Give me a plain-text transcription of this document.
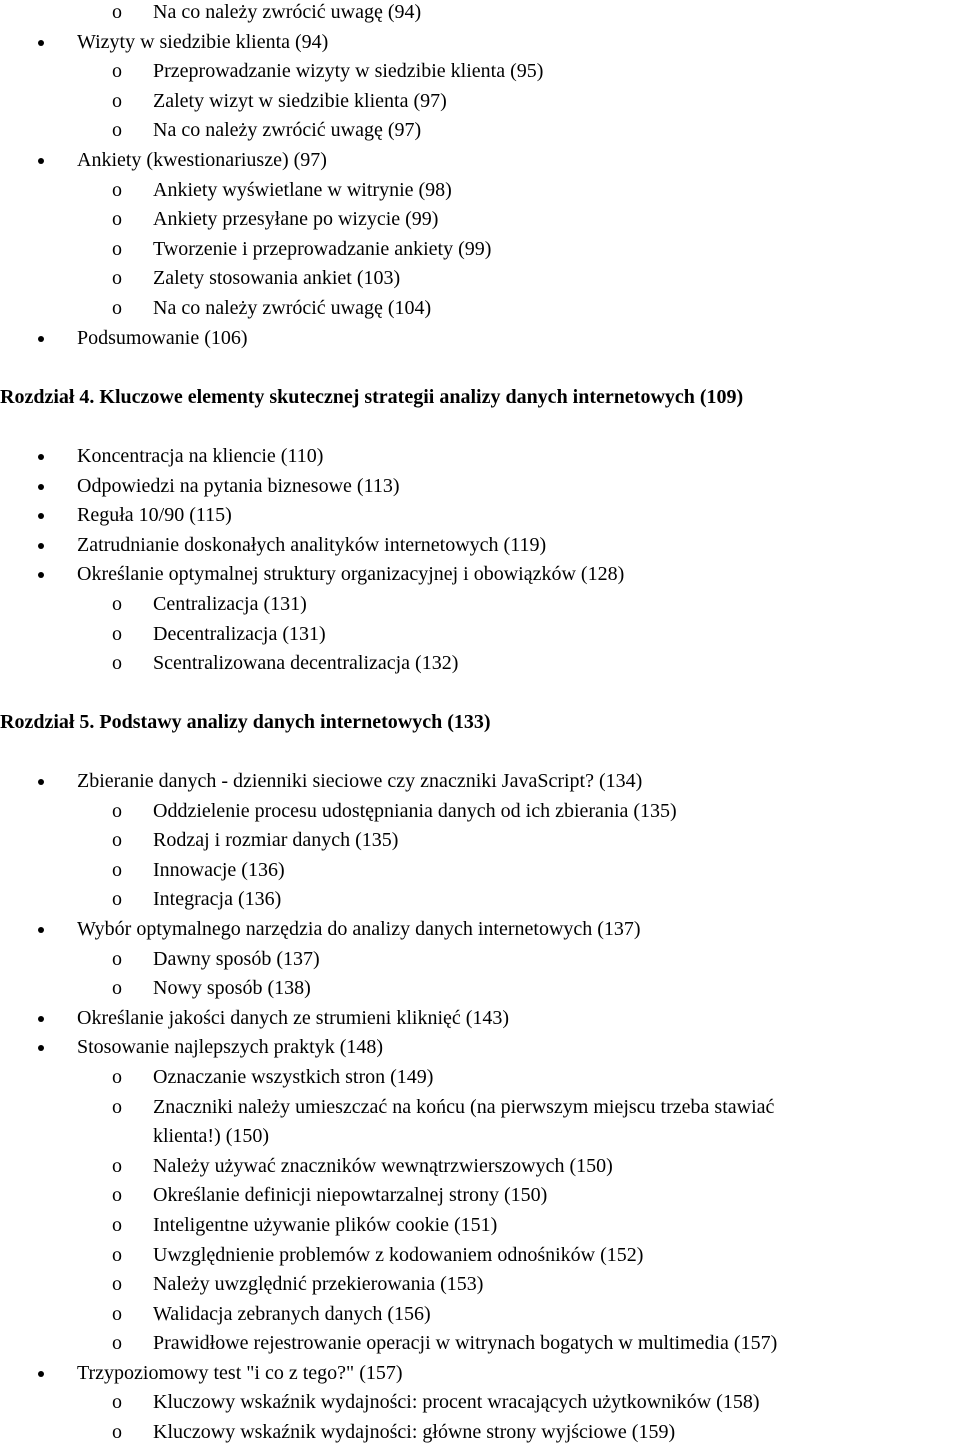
o Na co należy zwrócić uwagę (94)
Wizyty w siedzibie klienta (94)
o Przeprowadzanie wizyty w siedzibie klienta (95)
o Zalety wizyt w siedzibie klienta (97)
o Na co należy zwrócić uwagę (97)
Ankiety (kwestionariusze) (97)
o Ankiety wyświetlane w witrynie (98)
o Ankiety przesyłane po wizycie (99)
o Tworzenie i przeprowadzanie ankiety (99)
o Zalety stosowania ankiet (103)
o Na co należy zwrócić uwagę (104)
Podsumowanie (106)
Rozdział 4. Kluczowe elementy skutecznej strategii analizy danych internetowych (109)
Koncentracja na kliencie (110)
Odpowiedzi na pytania biznesowe (113)
Reguła 10/90 (115)
Zatrudnianie doskonałych analityków internetowych (119)
Określanie optymalnej struktury organizacyjnej i obowiązków (128)
o Centralizacja (131)
o Decentralizacja (131)
o Scentralizowana decentralizacja (132)
Rozdział 5. Podstawy analizy danych internetowych (133)
Zbieranie danych - dzienniki sieciowe czy znaczniki JavaScript? (134)
o Oddzielenie procesu udostępniania danych od ich zbierania (135)
o Rodzaj i rozmiar danych (135)
o Innowacje (136)
o Integracja (136)
Wybór optymalnego narzędzia do analizy danych internetowych (137)
o Dawny sposób (137)
o Nowy sposób (138)
Określanie jakości danych ze strumieni kliknięć (143)
Stosowanie najlepszych praktyk (148)
o Oznaczanie wszystkich stron (149)
o Znaczniki należy umieszczać na końcu (na pierwszym miejscu trzeba stawiać
klienta!) (150)
o Należy używać znaczników wewnątrzwierszowych (150)
o Określanie definicji niepowtarzalnej strony (150)
o Inteligentne używanie plików cookie (151)
o Uwzględnienie problemów z kodowaniem odnośników (152)
o Należy uwzględnić przekierowania (153)
o Walidacja zebranych danych (156)
o Prawidłowe rejestrowanie operacji w witrynach bogatych w multimedia (157)
Trzypoziomowy test "i co z tego?" (157)
o Kluczowy wskaźnik wydajności: procent wracających użytkowników (158)
o Kluczowy wskaźnik wydajności: główne strony wyjściowe (159)
